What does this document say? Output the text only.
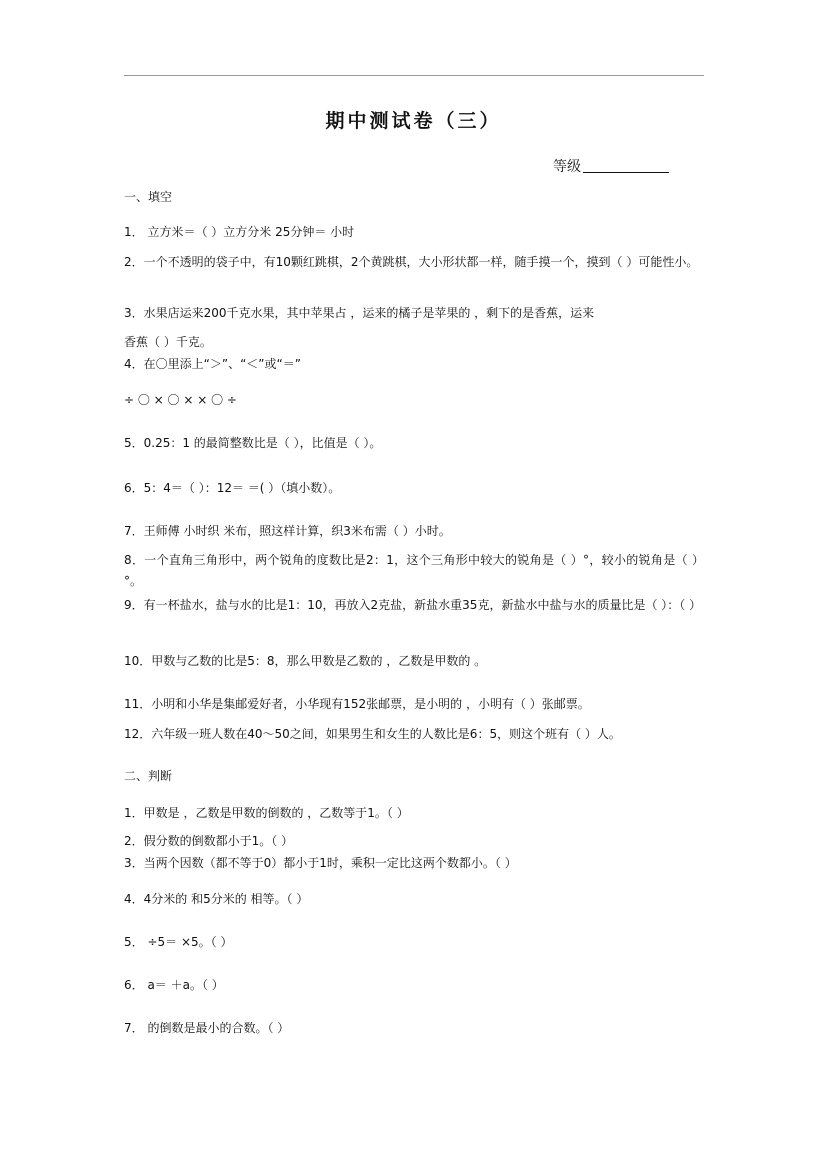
期中测试卷（三）
等级
一、填空
1． 立方米＝（ ）立方分米 25分钟＝ 小时
2．一个不透明的袋子中，有10颗红跳棋，2个黄跳棋，大小形状都一样，随手摸一个，摸到（ ）可能性小。
3．水果店运来200千克水果，其中苹果占 ，运来的橘子是苹果的 ，剩下的是香蕉，运来
香蕉（ ）千克。
4．在〇里添上“＞”、“＜”或“＝”
÷ 〇 × 〇 × × 〇 ÷
5．0.25：1 的最简整数比是（ ），比值是（ ）。
6．5：4＝（ ）：12＝ ＝( ）（填小数）。
7．王师傅 小时织 米布，照这样计算，织3米布需（ ）小时。
8．一个直角三角形中，两个锐角的度数比是2：1，这个三角形中较大的锐角是（ ）°，较小的锐角是（ ）°。
9．有一杯盐水，盐与水的比是1：10，再放入2克盐，新盐水重35克，新盐水中盐与水的质量比是（ ）：（ ）
10．甲数与乙数的比是5：8，那么甲数是乙数的 ，乙数是甲数的 。
11．小明和小华是集邮爱好者，小华现有152张邮票，是小明的 ，小明有（ ）张邮票。
12．六年级一班人数在40～50之间，如果男生和女生的人数比是6：5，则这个班有（ ）人。
二、判断
1．甲数是 ，乙数是甲数的倒数的 ，乙数等于1。（ ）
2．假分数的倒数都小于1。（ ）
3．当两个因数（都不等于0）都小于1时，乘积一定比这两个数都小。（ ）
4．4分米的 和5分米的 相等。（ ）
5． ÷5＝ ×5。（ ）
6． a＝ ＋a。（ ）
7． 的倒数是最小的合数。（ ）
